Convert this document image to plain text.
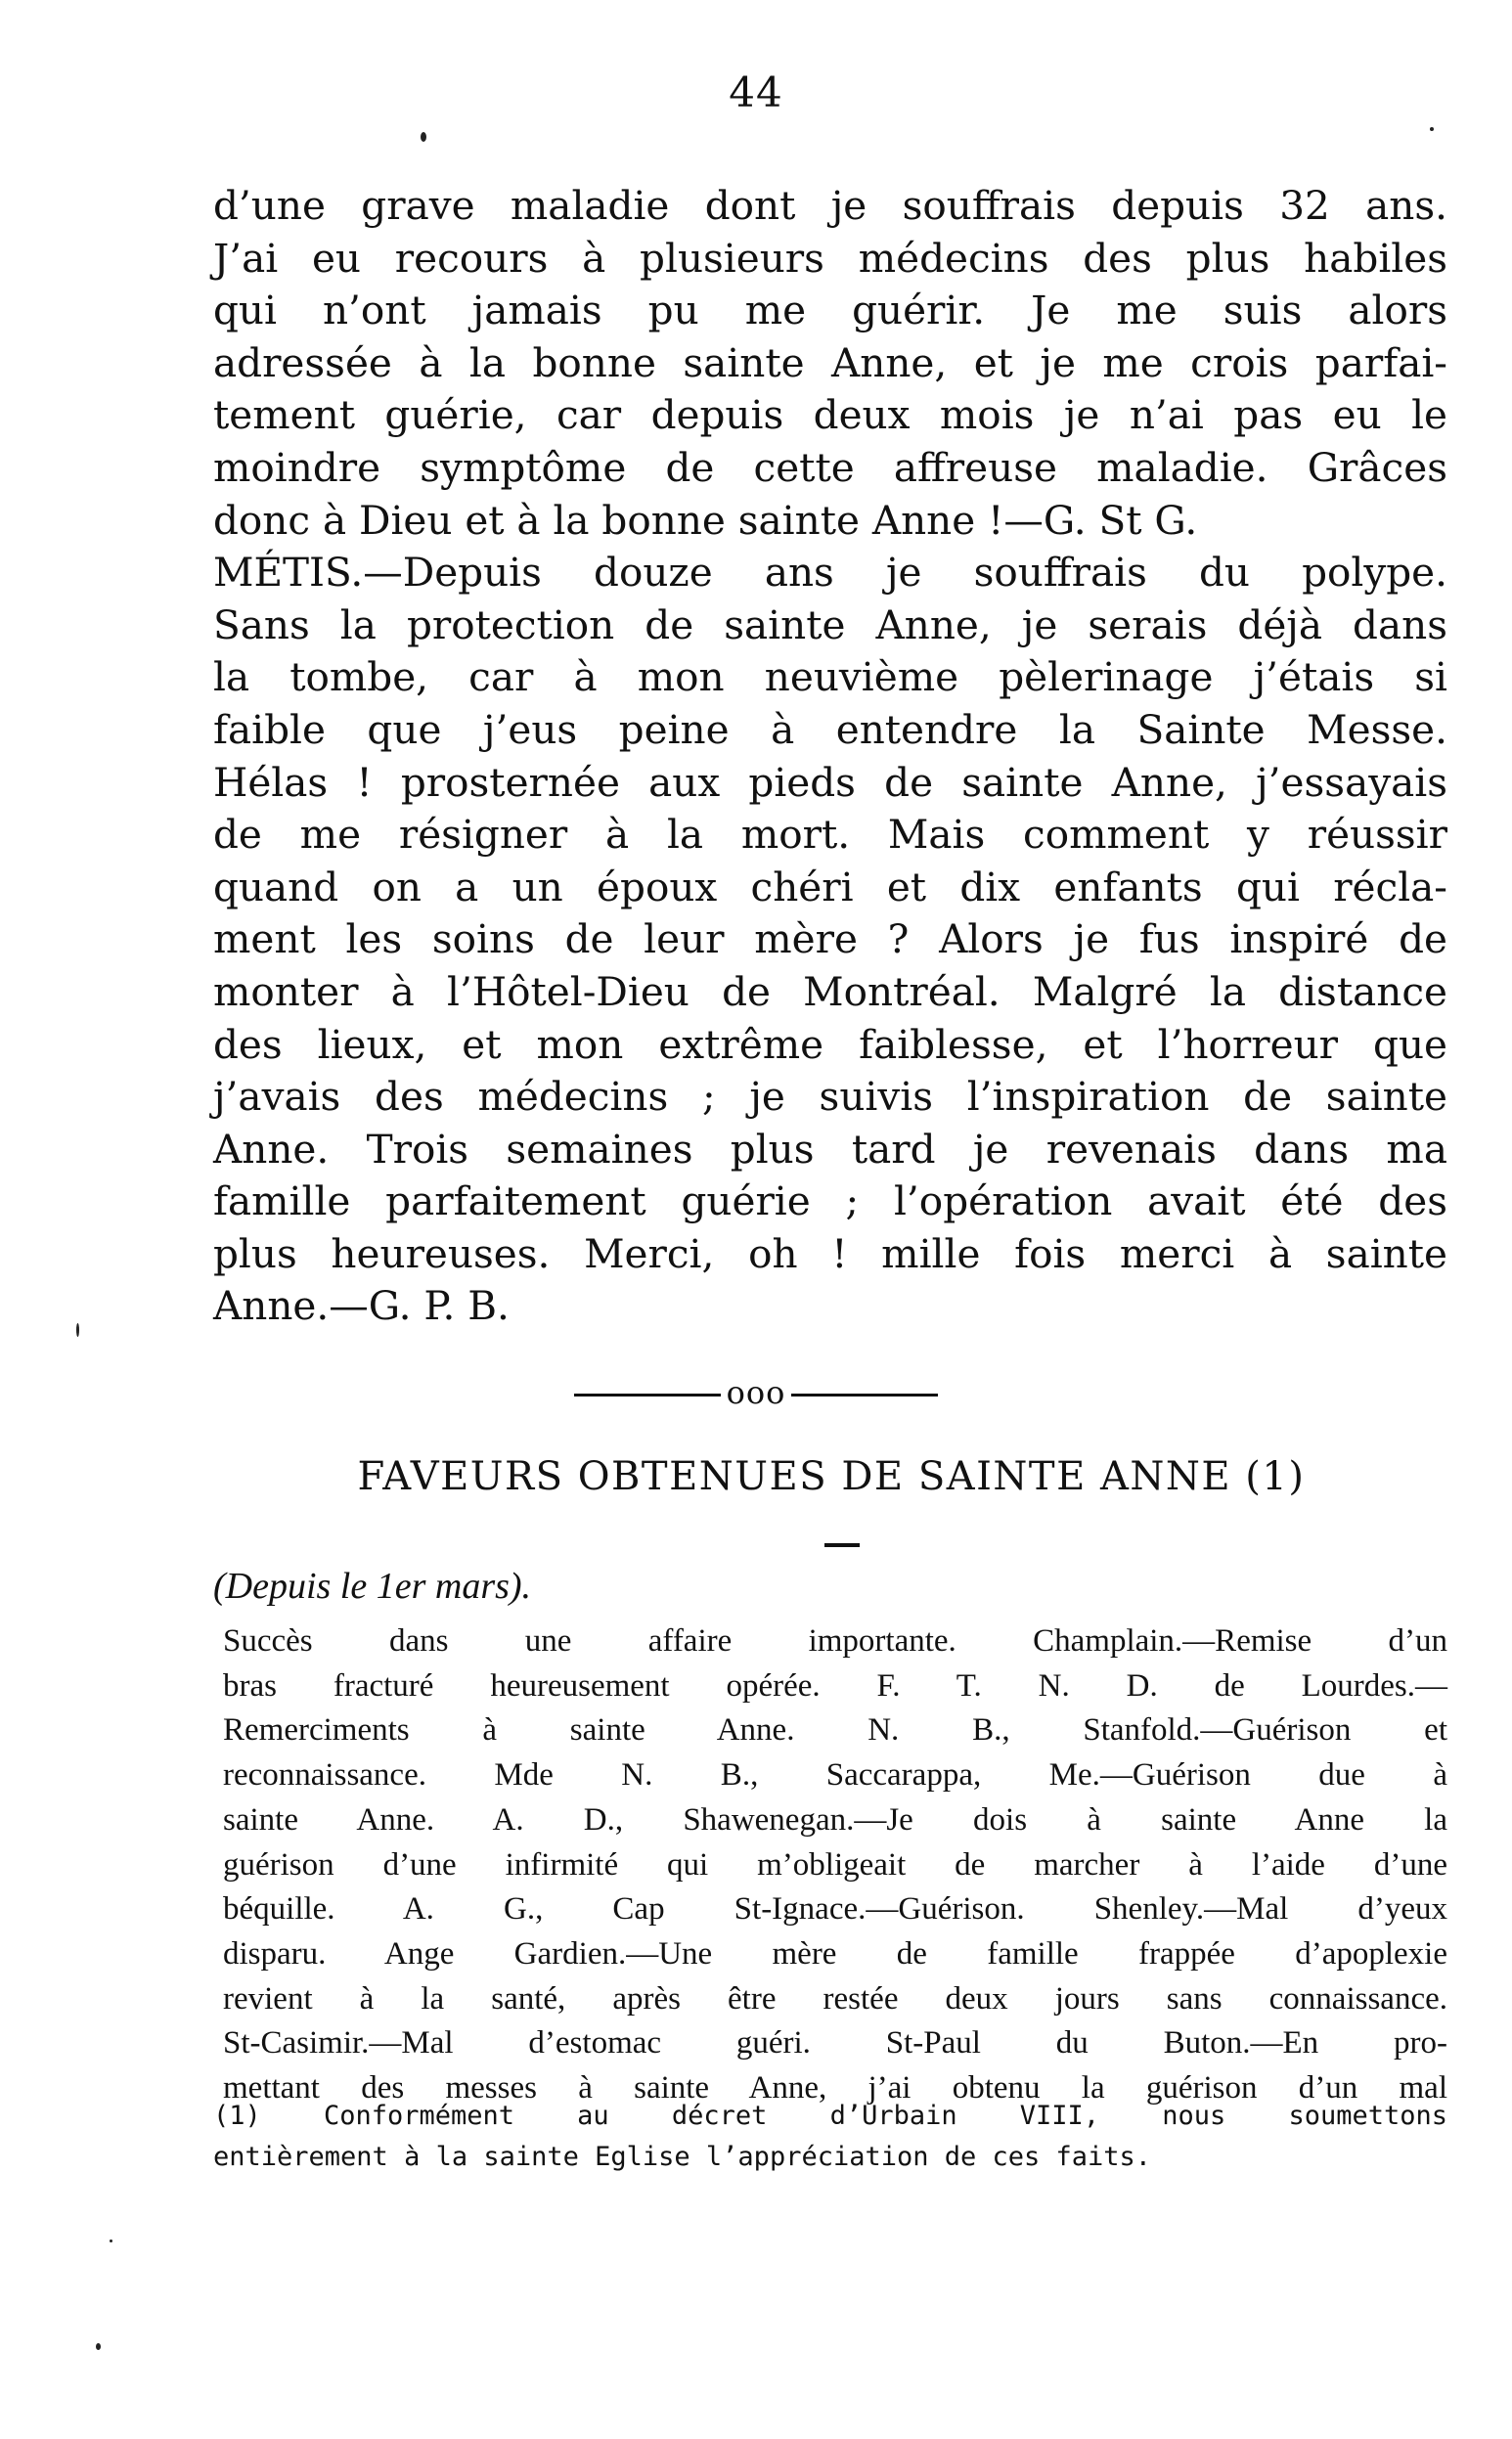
44
d’une grave maladie dont je souffrais depuis 32 ans.
J’ai eu recours à plusieurs médecins des plus habiles
qui n’ont jamais pu me guérir. Je me suis alors
adressée à la bonne sainte Anne, et je me crois parfai-
tement guérie, car depuis deux mois je n’ai pas eu le
moindre symptôme de cette affreuse maladie. Grâces
donc à Dieu et à la bonne sainte Anne !—G. St G.
MÉTIS.—Depuis douze ans je souffrais du polype.
Sans la protection de sainte Anne, je serais déjà dans
la tombe, car à mon neuvième pèlerinage j’étais si
faible que j’eus peine à entendre la Sainte Messe.
Hélas ! prosternée aux pieds de sainte Anne, j’essayais
de me résigner à la mort. Mais comment y réussir
quand on a un époux chéri et dix enfants qui récla-
ment les soins de leur mère ? Alors je fus inspiré de
monter à l’Hôtel-Dieu de Montréal. Malgré la distance
des lieux, et mon extrême faiblesse, et l’horreur que
j’avais des médecins ; je suivis l’inspiration de sainte
Anne. Trois semaines plus tard je revenais dans ma
famille parfaitement guérie ; l’opération avait été des
plus heureuses. Merci, oh ! mille fois merci à sainte
Anne.—G. P. B.
ooo
FAVEURS OBTENUES DE SAINTE ANNE (1)
(Depuis le 1er mars).
Succès dans une affaire importante. Champlain.—Remise d’un
bras fracturé heureusement opérée. F. T. N. D. de Lourdes.—
Remerciments à sainte Anne. N. B., Stanfold.—Guérison et
reconnaissance. Mde N. B., Saccarappa, Me.—Guérison due à
sainte Anne. A. D., Shawenegan.—Je dois à sainte Anne la
guérison d’une infirmité qui m’obligeait de marcher à l’aide d’une
béquille. A. G., Cap St-Ignace.—Guérison. Shenley.—Mal d’yeux
disparu. Ange Gardien.—Une mère de famille frappée d’apoplexie
revient à la santé, après être restée deux jours sans connaissance.
St-Casimir.—Mal d’estomac guéri. St-Paul du Buton.—En pro-
mettant des messes à sainte Anne, j’ai obtenu la guérison d’un mal
(1) Conformément au décret d’Urbain VIII, nous soumettons
entièrement à la sainte Eglise l’appréciation de ces faits.
